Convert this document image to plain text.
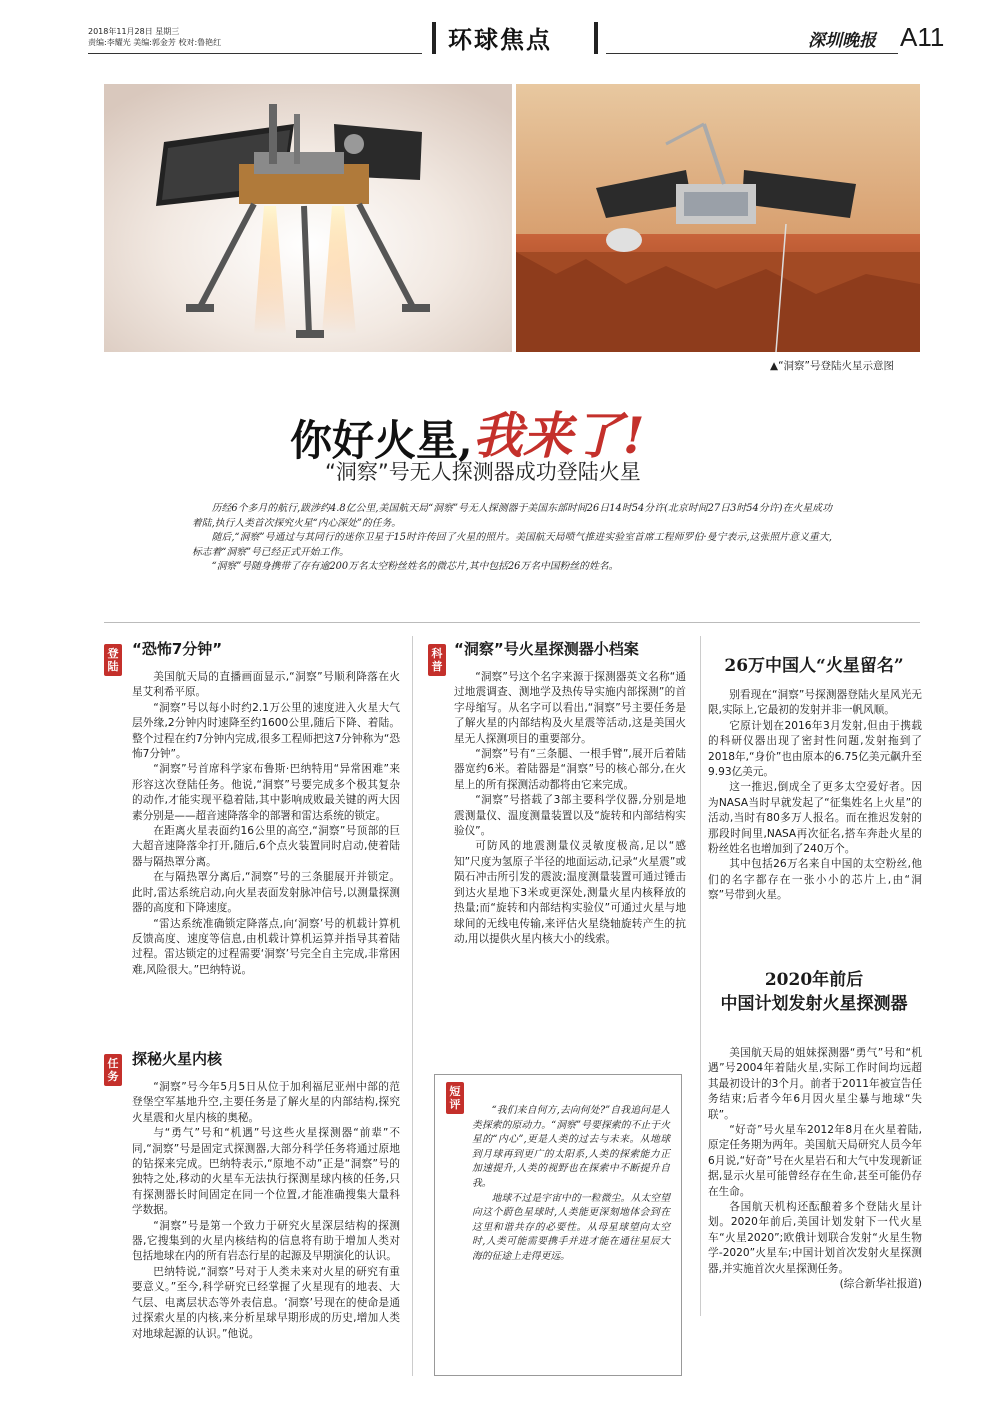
2018年11月28日 星期三
责编:李耀光 美编:郭金芳 校对:鲁艳红	环球焦点	深圳晚报 A11
▲“洞察”号登陆火星示意图
你好火星,我来了!
“洞察”号无人探测器成功登陆火星

历经6个多月的航行,跋涉约4.8亿公里,美国航天局“洞察”号无人探测器于美国东部时间26日14时54分许(北京时间27日3时54分许)在火星成功着陆,执行人类首次探究火星“内心深处”的任务。

随后,“洞察”号通过与其同行的迷你卫星于15时许传回了火星的照片。美国航天局喷气推进实验室首席工程师罗伯·曼宁表示,这张照片意义重大,标志着“洞察”号已经正式开始工作。

“洞察”号随身携带了存有逾200万名太空粉丝姓名的微芯片,其中包括26万名中国粉丝的姓名。

登
陆
“恐怖7分钟”

美国航天局的直播画面显示,“洞察”号顺利降落在火星艾利希平原。

“洞察”号以每小时约2.1万公里的速度进入火星大气层外缘,2分钟内时速降至约1600公里,随后下降、着陆。整个过程在约7分钟内完成,很多工程师把这7分钟称为“恐怖7分钟”。

“洞察”号首席科学家布鲁斯·巴纳特用“异常困难”来形容这次登陆任务。他说,“洞察”号要完成多个极其复杂的动作,才能实现平稳着陆,其中影响成败最关键的两大因素分别是——超音速降落伞的部署和雷达系统的锁定。

在距离火星表面约16公里的高空,“洞察”号顶部的巨大超音速降落伞打开,随后,6个点火装置同时启动,使着陆器与隔热罩分离。

在与隔热罩分离后,“洞察”号的三条腿展开并锁定。此时,雷达系统启动,向火星表面发射脉冲信号,以测量探测器的高度和下降速度。

“雷达系统准确锁定降落点,向‘洞察’号的机载计算机反馈高度、速度等信息,由机载计算机运算并指导其着陆过程。雷达锁定的过程需要‘洞察’号完全自主完成,非常困难,风险很大。”巴纳特说。

任
务
探秘火星内核

“洞察”号今年5月5日从位于加利福尼亚州中部的范登堡空军基地升空,主要任务是了解火星的内部结构,探究火星震和火星内核的奥秘。

与“勇气”号和“机遇”号这些火星探测器“前辈”不同,“洞察”号是固定式探测器,大部分科学任务将通过原地的钻探来完成。巴纳特表示,“原地不动”正是“洞察”号的独特之处,移动的火星车无法执行探测星球内核的任务,只有探测器长时间固定在同一个位置,才能准确搜集大量科学数据。

“洞察”号是第一个致力于研究火星深层结构的探测器,它搜集到的火星内核结构的信息将有助于增加人类对包括地球在内的所有岩态行星的起源及早期演化的认识。

巴纳特说,“洞察”号对于人类未来对火星的研究有重要意义。”至今,科学研究已经掌握了火星现有的地表、大气层、电离层状态等外表信息。‘洞察’号现在的使命是通过探索火星的内核,来分析星球早期形成的历史,增加人类对地球起源的认识。”他说。

科
普
“洞察”号火星探测器小档案

“洞察”号这个名字来源于探测器英文名称“通过地震调查、测地学及热传导实施内部探测”的首字母缩写。从名字可以看出,“洞察”号主要任务是了解火星的内部结构及火星震等活动,这是美国火星无人探测项目的重要部分。

“洞察”号有“三条腿、一根手臂”,展开后着陆器宽约6米。着陆器是“洞察”号的核心部分,在火星上的所有探测活动都将由它来完成。

“洞察”号搭载了3部主要科学仪器,分别是地震测量仪、温度测量装置以及“旋转和内部结构实验仪”。

可防风的地震测量仪灵敏度极高,足以“感知”尺度为氢原子半径的地面运动,记录“火星震”或陨石冲击所引发的震波;温度测量装置可通过锤击到达火星地下3米或更深处,测量火星内核释放的热量;而“旋转和内部结构实验仪”可通过火星与地球间的无线电传输,来评估火星绕轴旋转产生的抗动,用以提供火星内核大小的线索。

短
评	“我们来自何方,去向何处?”自我追问是人类探索的原动力。“洞察”号要探索的不止于火星的“内心”,更是人类的过去与未来。从地球到月球再到更广的太阳系,人类的探索能力正加速提升,人类的视野也在探索中不断提升自我。

地球不过是宇宙中的一粒微尘。从太空望向这个蔚色星球时,人类能更深刻地体会到在这里和谐共存的必要性。从母星球望向太空时,人类可能需要携手并进才能在通往星辰大海的征途上走得更远。

26万中国人“火星留名”

别看现在“洞察”号探测器登陆火星风光无限,实际上,它最初的发射并非一帆风顺。

它原计划在2016年3月发射,但由于携载的科研仪器出现了密封性问题,发射拖到了2018年,“身价”也由原本的6.75亿美元飙升至9.93亿美元。

这一推迟,倒成全了更多太空爱好者。因为NASA当时早就发起了“征集姓名上火星”的活动,当时有80多万人报名。而在推迟发射的那段时间里,NASA再次征名,搭车奔赴火星的粉丝姓名也增加到了240万个。

其中包括26万名来自中国的太空粉丝,他们的名字都存在一张小小的芯片上,由“洞察”号带到火星。

2020年前后
中国计划发射火星探测器

美国航天局的姐妹探测器“勇气”号和“机遇”号2004年着陆火星,实际工作时间均远超其最初设计的3个月。前者于2011年被宣告任务结束;后者今年6月因火星尘暴与地球“失联”。

“好奇”号火星车2012年8月在火星着陆,原定任务期为两年。美国航天局研究人员今年6月说,“好奇”号在火星岩石和大气中发现新证据,显示火星可能曾经存在生命,甚至可能仍存在生命。

各国航天机构还酝酿着多个登陆火星计划。2020年前后,美国计划发射下一代火星车“火星2020”;欧俄计划联合发射“火星生物学-2020”火星车;中国计划首次发射火星探测器,并实施首次火星探测任务。

(综合新华社报道)
